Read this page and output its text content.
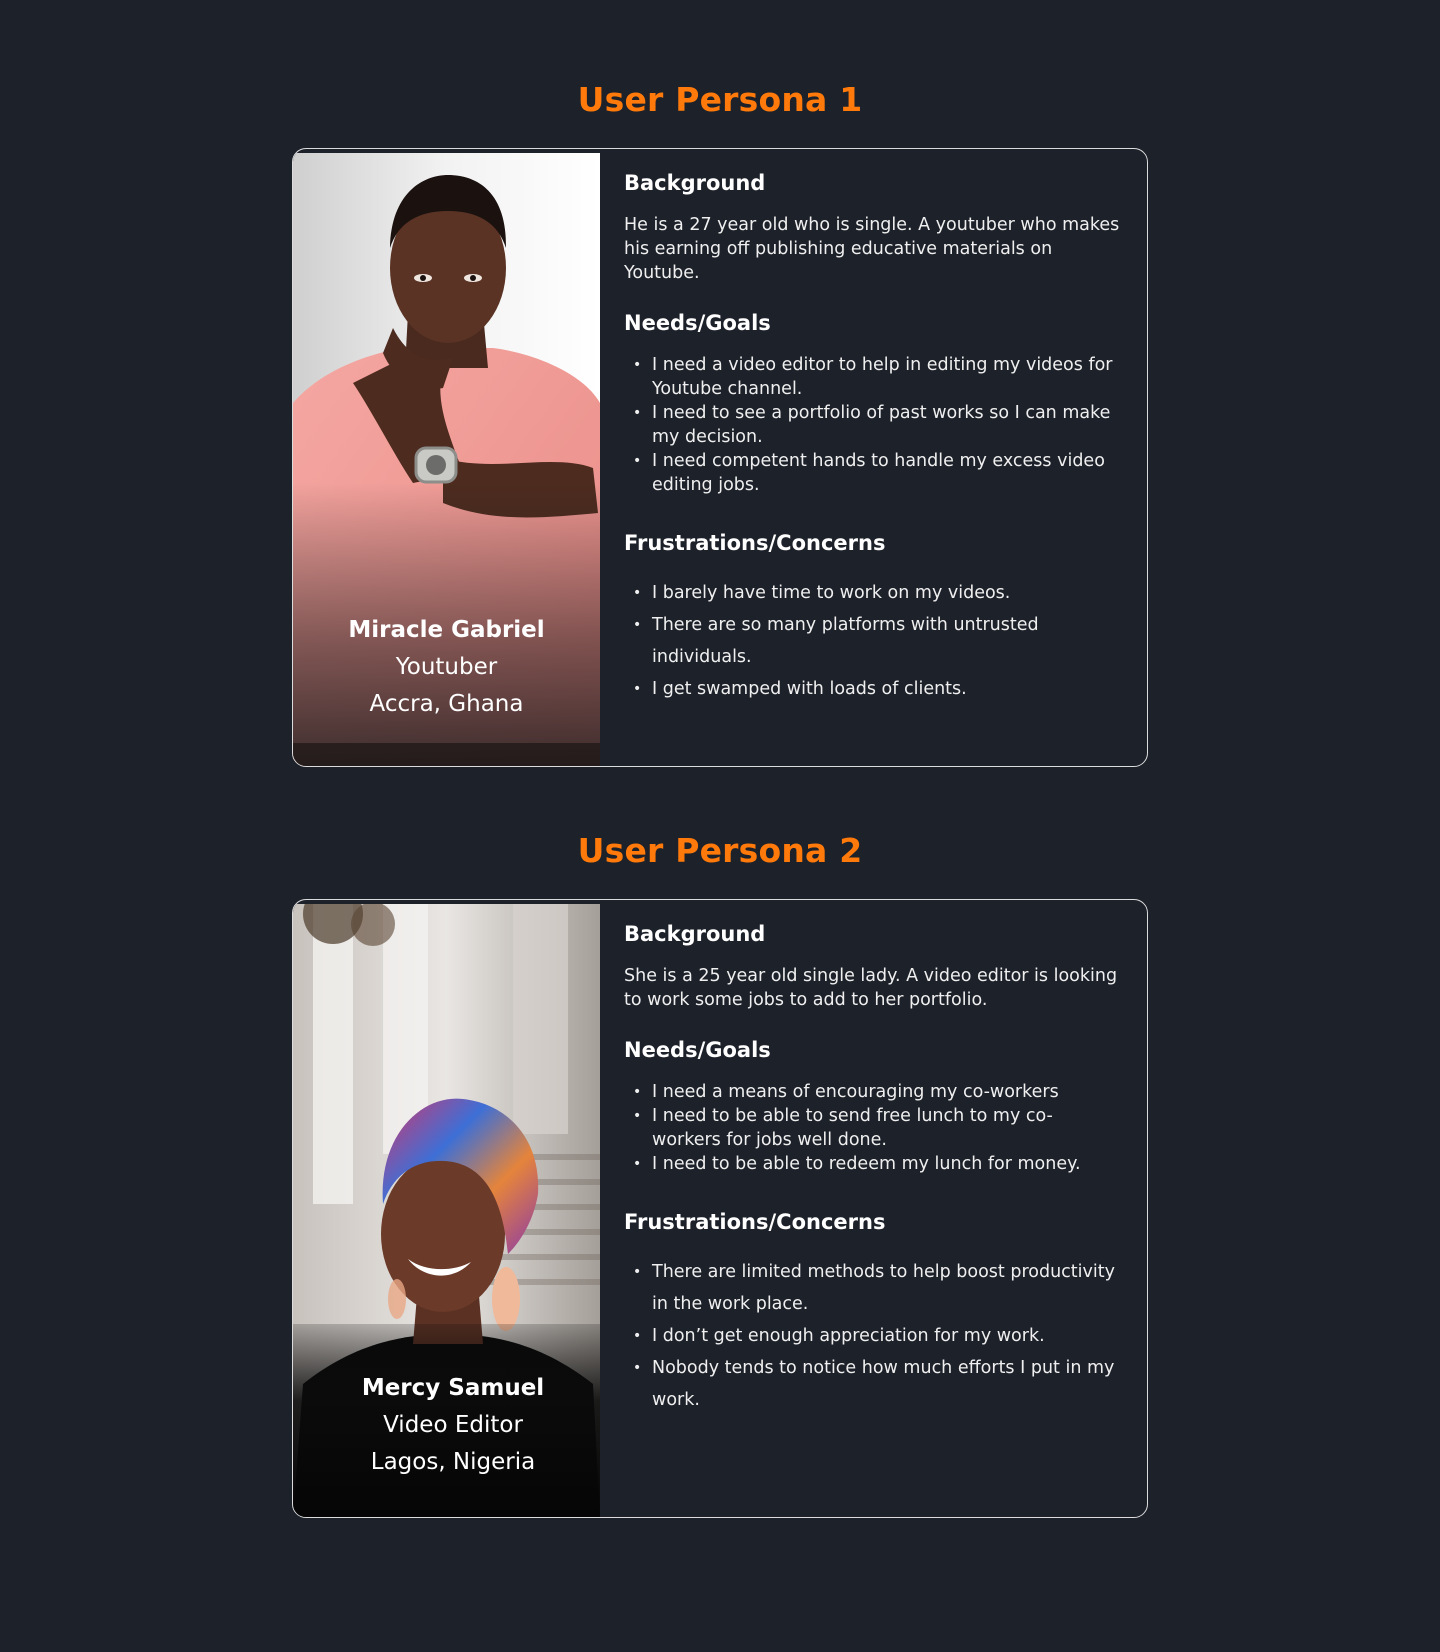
User Persona 1
Miracle Gabriel
Youtuber
Accra, Ghana
Background

He is a 27 year old who is single. A youtuber who makes his earning off publishing educative materials on Youtube.

Needs/Goals
• I need a video editor to help in editing my videos for Youtube channel.
• I need to see a portfolio of past works so I can make my decision.
• I need competent hands to handle my excess video editing jobs.
Frustrations/Concerns
• I barely have time to work on my videos.
• There are so many platforms with untrusted individuals.
• I get swamped with loads of clients.
User Persona 2
Mercy Samuel
Video Editor
Lagos, Nigeria
Background

She is a 25 year old single lady. A video editor is looking to work some jobs to add to her portfolio.

Needs/Goals
• I need a means of encouraging my co-workers
• I need to be able to send free lunch to my co-workers for jobs well done.
• I need to be able to redeem my lunch for money.
Frustrations/Concerns
• There are limited methods to help boost productivity in the work place.
• I don’t get enough appreciation for my work.
• Nobody tends to notice how much efforts I put in my work.
